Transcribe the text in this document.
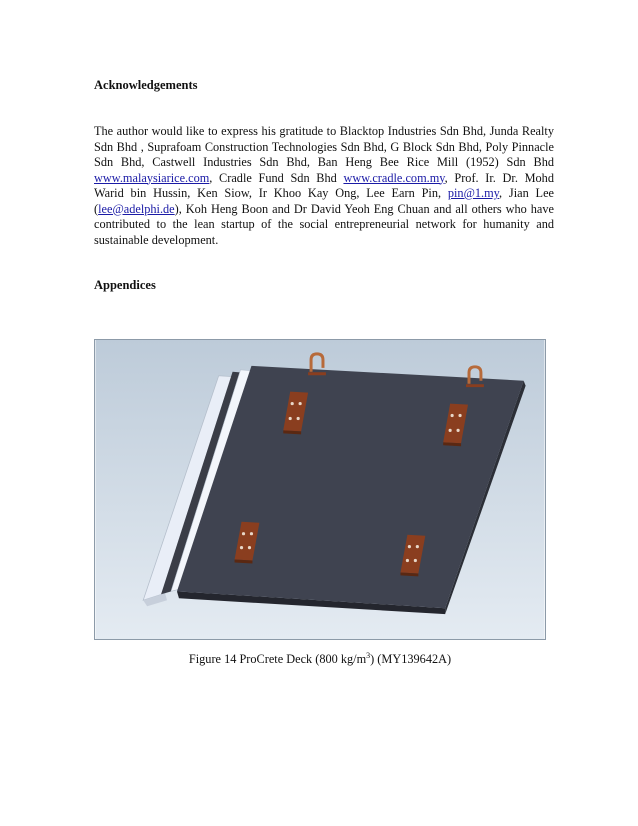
Acknowledgements

The author would like to express his gratitude to Blacktop Industries Sdn Bhd, Junda Realty Sdn Bhd , Suprafoam Construction Technologies Sdn Bhd, G Block Sdn Bhd, Poly Pinnacle Sdn Bhd, Castwell Industries Sdn Bhd, Ban Heng Bee Rice Mill (1952) Sdn Bhd www.malaysiarice.com, Cradle Fund Sdn Bhd www.cradle.com.my, Prof. Ir. Dr. Mohd Warid bin Hussin, Ken Siow, Ir Khoo Kay Ong, Lee Earn Pin, pin@1.my, Jian Lee (lee@adelphi.de), Koh Heng Boon and Dr David Yeoh Eng Chuan and all others who have contributed to the lean startup of the social entrepreneurial network for humanity and sustainable development.

Appendices
Figure 14 ProCrete Deck (800 $kg/m^3$) (MY139642A)
